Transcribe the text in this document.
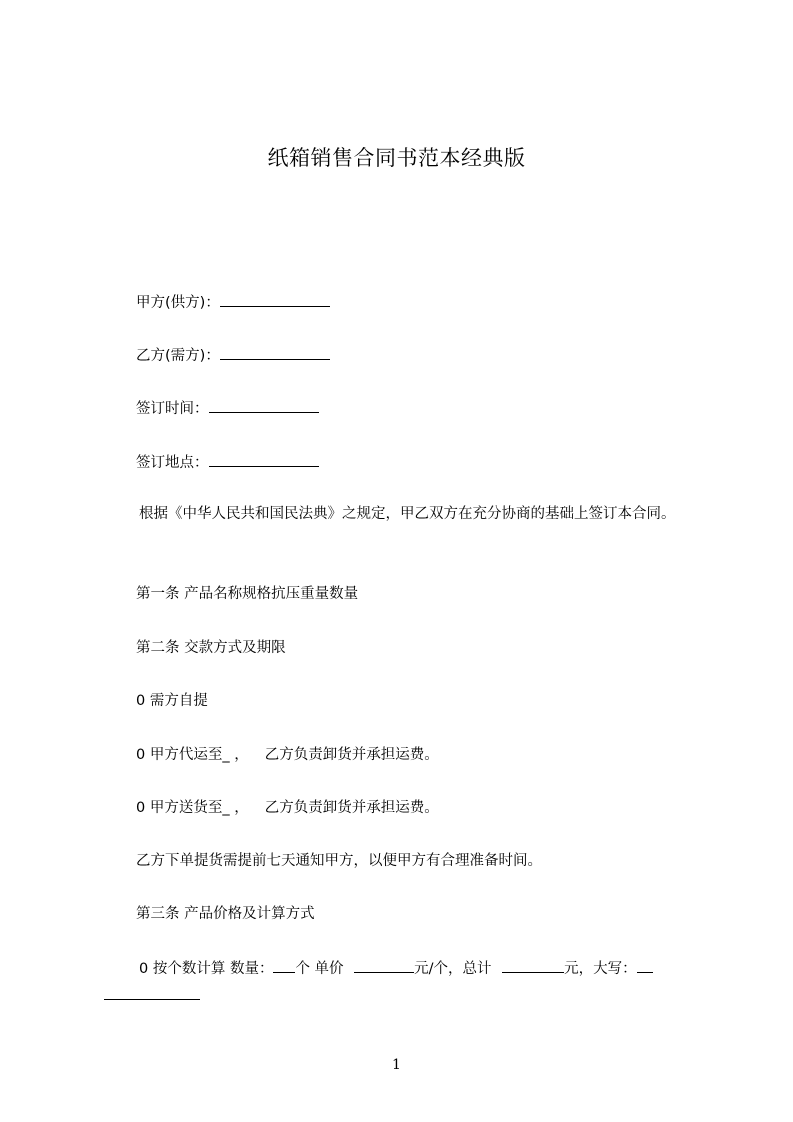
纸箱销售合同书范本经典版
甲方(供方)：
乙方(需方)：
签订时间：
签订地点：
根据《中华人民共和国民法典》之规定，甲乙双方在充分协商的基础上签订本合同。
第一条 产品名称规格抗压重量数量
第二条 交款方式及期限
0 需方自提
0 甲方代运至_ ， 乙方负责卸货并承担运费。
0 甲方送货至_ ， 乙方负责卸货并承担运费。
乙方下单提货需提前七天通知甲方，以便甲方有合理准备时间。
第三条 产品价格及计算方式
0 按个数计算 数量： 个 单价	元/个，总计	元，大写：
1
